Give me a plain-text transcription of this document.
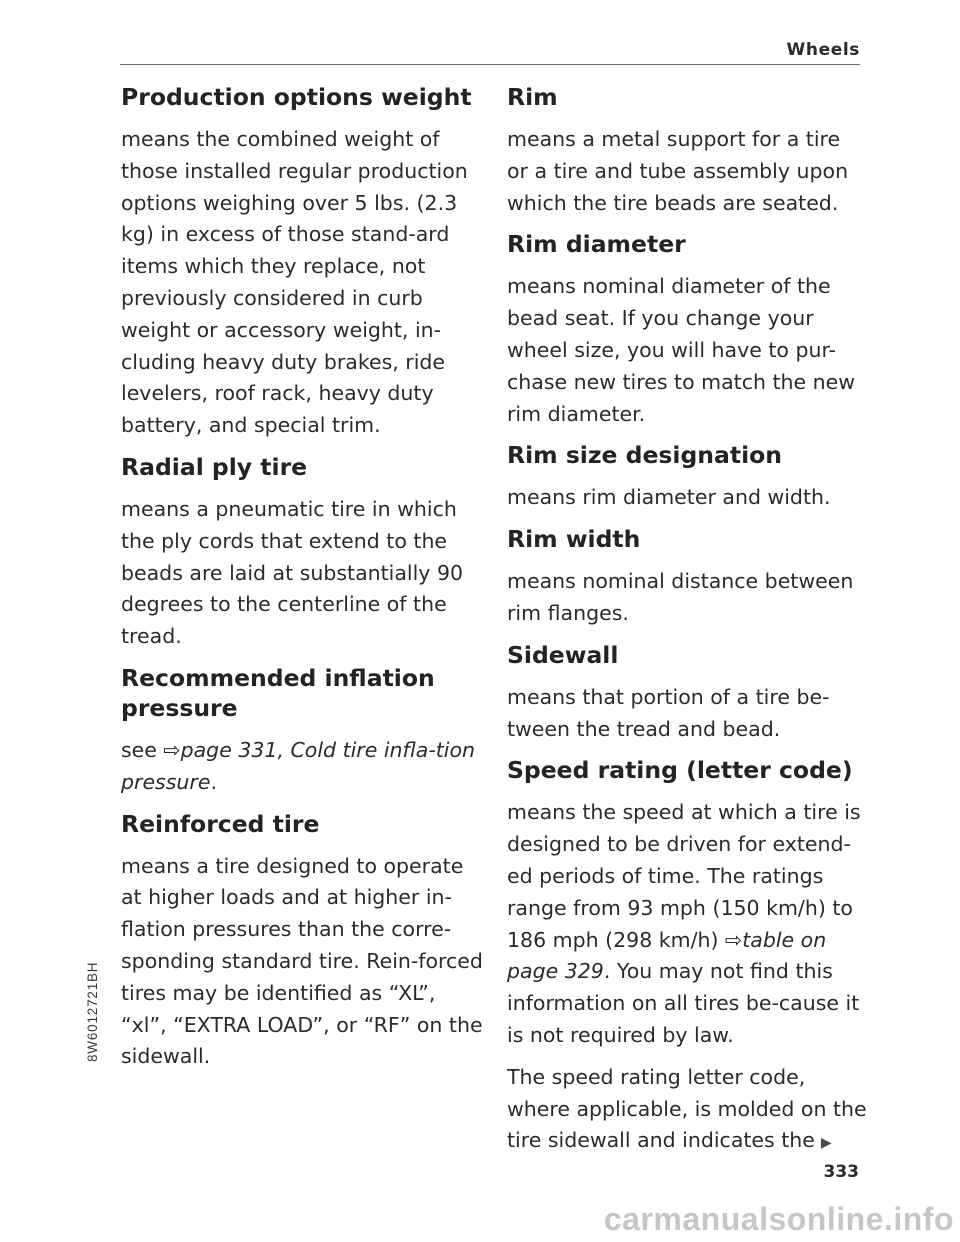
Wheels
Production options weight

means the combined weight of those installed regular production options weighing over 5 lbs. (2.3 kg) in excess of those stand-ard items which they replace, not previously considered in curb weight or accessory weight, in-cluding heavy duty brakes, ride levelers, roof rack, heavy duty battery, and special trim.

Radial ply tire

means a pneumatic tire in which the ply cords that extend to the beads are laid at substantially 90 degrees to the centerline of the tread.

Recommended inflation pressure

see ⇨page 331, Cold tire infla-tion pressure.

Reinforced tire

means a tire designed to operate at higher loads and at higher in-flation pressures than the corre-sponding standard tire. Rein-forced tires may be identified as “XL”, “xl”, “EXTRA LOAD”, or “RF” on the sidewall.

Rim

means a metal support for a tire or a tire and tube assembly upon which the tire beads are seated.

Rim diameter

means nominal diameter of the bead seat. If you change your wheel size, you will have to pur-chase new tires to match the new rim diameter.

Rim size designation

means rim diameter and width.

Rim width

means nominal distance between rim flanges.

Sidewall

means that portion of a tire be-tween the tread and bead.

Speed rating (letter code)

means the speed at which a tire is designed to be driven for extend-ed periods of time. The ratings range from 93 mph (150 km/h) to 186 mph (298 km/h) ⇨table on page 329. You may not find this information on all tires be-cause it is not required by law.

The speed rating letter code, where applicable, is molded on the tire sidewall and indicates the ▶

333
8W6012721BH
carmanualsonline.info
